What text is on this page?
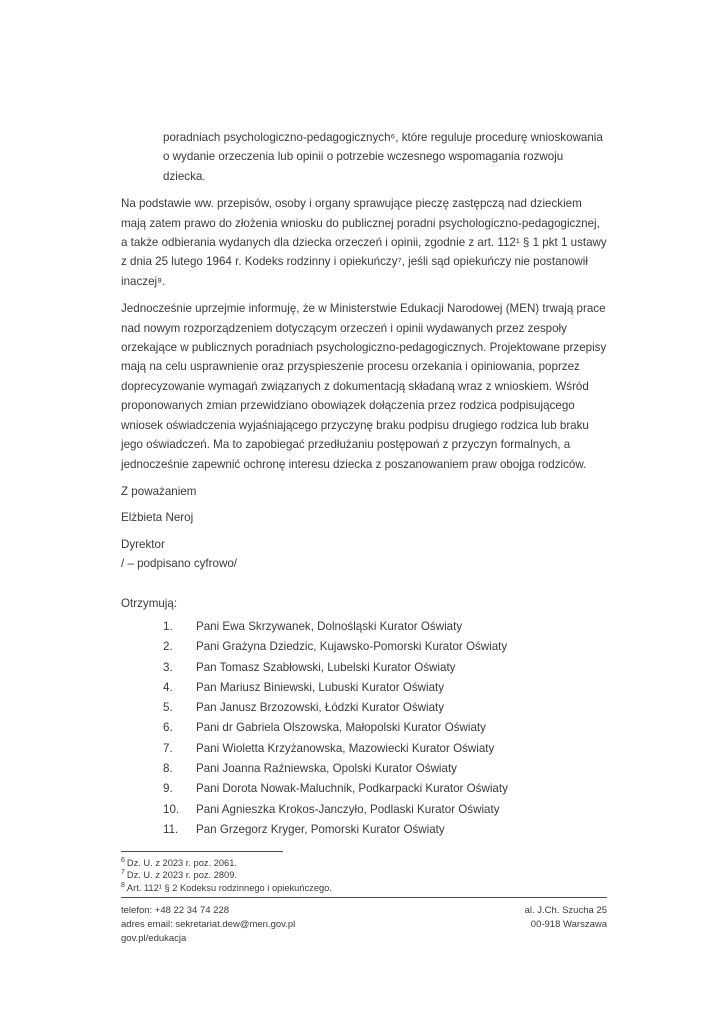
poradniach psychologiczno-pedagogicznych⁶, które reguluje procedurę wnioskowania o wydanie orzeczenia lub opinii o potrzebie wczesnego wspomagania rozwoju dziecka.

Na podstawie ww. przepisów, osoby i organy sprawujące pieczę zastępczą nad dzieckiem mają zatem prawo do złożenia wniosku do publicznej poradni psychologiczno-pedagogicznej, a także odbierania wydanych dla dziecka orzeczeń i opinii, zgodnie z art. 112¹ § 1 pkt 1 ustawy z dnia 25 lutego 1964 r. Kodeks rodzinny i opiekuńczy⁷, jeśli sąd opiekuńczy nie postanowił inaczej⁸.

Jednocześnie uprzejmie informuję, że w Ministerstwie Edukacji Narodowej (MEN) trwają prace nad nowym rozporządzeniem dotyczącym orzeczeń i opinii wydawanych przez zespoły orzekające w publicznych poradniach psychologiczno-pedagogicznych. Projektowane przepisy mają na celu usprawnienie oraz przyspieszenie procesu orzekania i opiniowania, poprzez doprecyzowanie wymagań związanych z dokumentacją składaną wraz z wnioskiem. Wśród proponowanych zmian przewidziano obowiązek dołączenia przez rodzica podpisującego wniosek oświadczenia wyjaśniającego przyczynę braku podpisu drugiego rodzica lub braku jego oświadczeń. Ma to zapobiegać przedłużaniu postępowań z przyczyn formalnych, a jednocześnie zapewnić ochronę interesu dziecka z poszanowaniem praw obojga rodziców.

Z poważaniem

Elżbieta Neroj

Dyrektor
/ – podpisano cyfrowo/

Otrzymują:

1.	Pani Ewa Skrzywanek, Dolnośląski Kurator Oświaty
2.	Pani Grażyna Dziedzic, Kujawsko-Pomorski Kurator Oświaty
3.	Pan Tomasz Szabłowski, Lubelski Kurator Oświaty
4.	Pan Mariusz Biniewski, Lubuski Kurator Oświaty
5.	Pan Janusz Brzozowski, Łódzki Kurator Oświaty
6.	Pani dr Gabriela Olszowska, Małopolski Kurator Oświaty
7.	Pani Wioletta Krzyżanowska, Mazowiecki Kurator Oświaty
8.	Pani Joanna Raźniewska, Opolski Kurator Oświaty
9.	Pani Dorota Nowak-Maluchnik, Podkarpacki Kurator Oświaty
10.	Pani Agnieszka Krokos-Janczyło, Podlaski Kurator Oświaty
11.	Pan Grzegorz Kryger, Pomorski Kurator Oświaty
$^6$ Dz. U. z 2023 r. poz. 2061.
$^7$ Dz. U. z 2023 r. poz. 2809.
$^8$ Art. 112¹ § 2 Kodeksu rodzinnego i opiekuńczego.
telefon: +48 22 34 74 228
adres email: sekretariat.dew@men.gov.pl
gov.pl/edukacja
al. J.Ch. Szucha 25
00-918 Warszawa
